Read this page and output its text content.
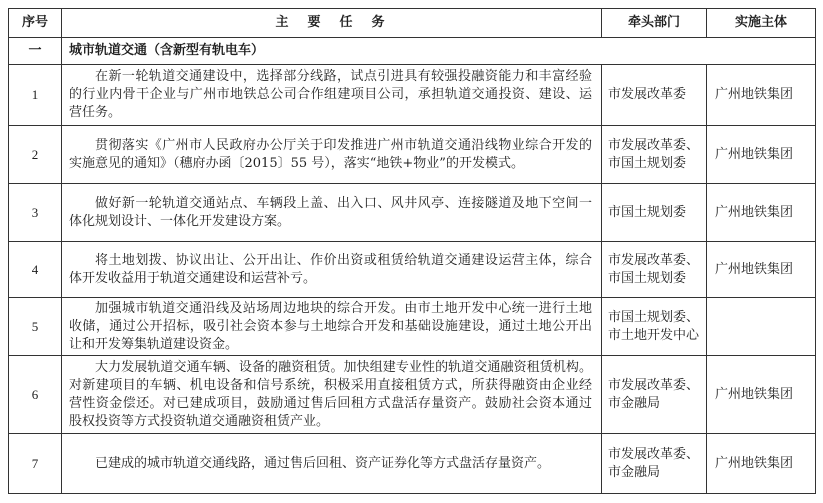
序号	主　要　任　务	牵头部门	实施主体
一	城市轨道交通（含新型有轨电车）		
1	在新一轮轨道交通建设中，选择部分线路，试点引进具有较强投融资能力和丰富经验
的行业内骨干企业与广州市地铁总公司合作组建项目公司，承担轨道交通投资、建设、运
营任务。	市发展改革委	广州地铁集团
2	贯彻落实《广州市人民政府办公厅关于印发推进广州市轨道交通沿线物业综合开发的
实施意见的通知》（穗府办函〔2015〕55 号），落实“地铁+物业”的开发模式。	市发展改革委、市国土规划委	广州地铁集团
3	做好新一轮轨道交通站点、车辆段上盖、出入口、风井风亭、连接隧道及地下空间一
体化规划设计、一体化开发建设方案。	市国土规划委	广州地铁集团
4	将土地划拨、协议出让、公开出让、作价出资或租赁给轨道交通建设运营主体，综合
体开发收益用于轨道交通建设和运营补亏。	市发展改革委、市国土规划委	广州地铁集团
5	加强城市轨道交通沿线及站场周边地块的综合开发。由市土地开发中心统一进行土地
收储，通过公开招标，吸引社会资本参与土地综合开发和基础设施建设，通过土地公开出
让和开发筹集轨道建设资金。	市国土规划委、市土地开发中心	
6	大力发展轨道交通车辆、设备的融资租赁。加快组建专业性的轨道交通融资租赁机构。
对新建项目的车辆、机电设备和信号系统，积极采用直接租赁方式，所获得融资由企业经
营性资金偿还。对已建成项目，鼓励通过售后回租方式盘活存量资产。鼓励社会资本通过
股权投资等方式投资轨道交通融资租赁产业。	市发展改革委、市金融局	广州地铁集团
7	已建成的城市轨道交通线路，通过售后回租、资产证券化等方式盘活存量资产。	市发展改革委、市金融局	广州地铁集团
